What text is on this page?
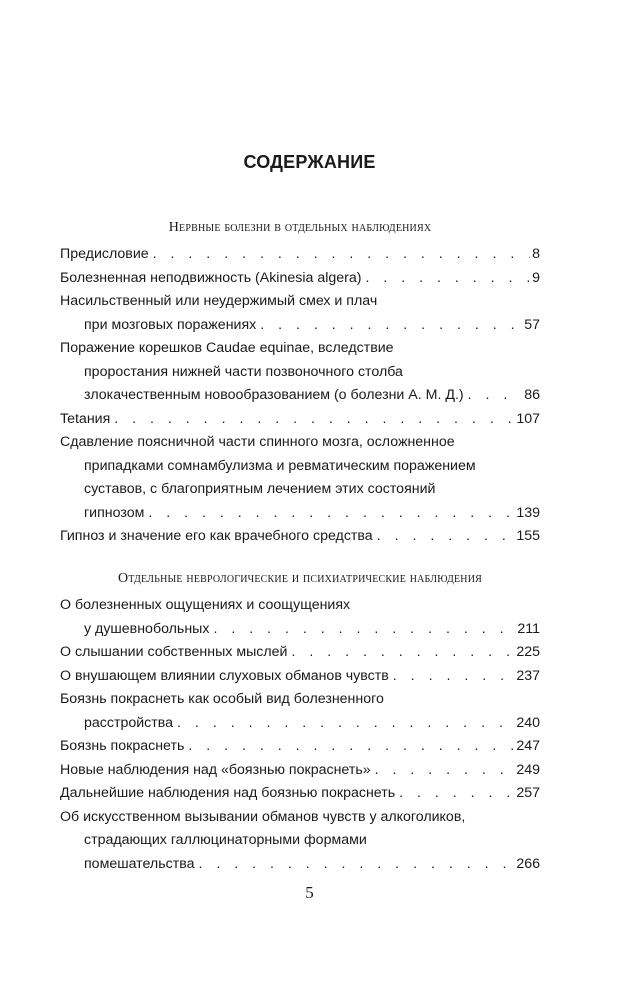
СОДЕРЖАНИЕ
Нервные болезни в отдельных наблюдениях
Предисловие . . .	8
Болезненная неподвижность (Akinesia algera) . . .	9
Насильственный или неудержимый смех и плач
при мозговых поражениях . . .	57
Поражение корешков Caudae equinae, вследствие
проростания нижней части позвоночного столба
злокачественным новообразованием (о болезни А. М. Д.) . . .	86
Tetания . . .	107
Сдавление поясничной части спинного мозга, осложненное
припадками сомнамбулизма и ревматическим поражением
суставов, с благоприятным лечением этих состояний
гипнозом . . .	139
Гипноз и значение его как врачебного средства . . .	155
Отдельные неврологические и психиатрические наблюдения
О болезненных ощущениях и соощущениях
у душевнобольных . . .	211
О слышании собственных мыслей . . .	225
О внушающем влиянии слуховых обманов чувств . . .	237
Боязнь покраснеть как особый вид болезненного
расстройства . . .	240
Боязнь покраснеть . . .	247
Новые наблюдения над «боязнью покраснеть» . . .	249
Дальнейшие наблюдения над боязнью покраснеть . . .	257
Об искусственном вызывании обманов чувств у алкоголиков,
страдающих галлюцинаторными формами
помешательства . . .	266
5
